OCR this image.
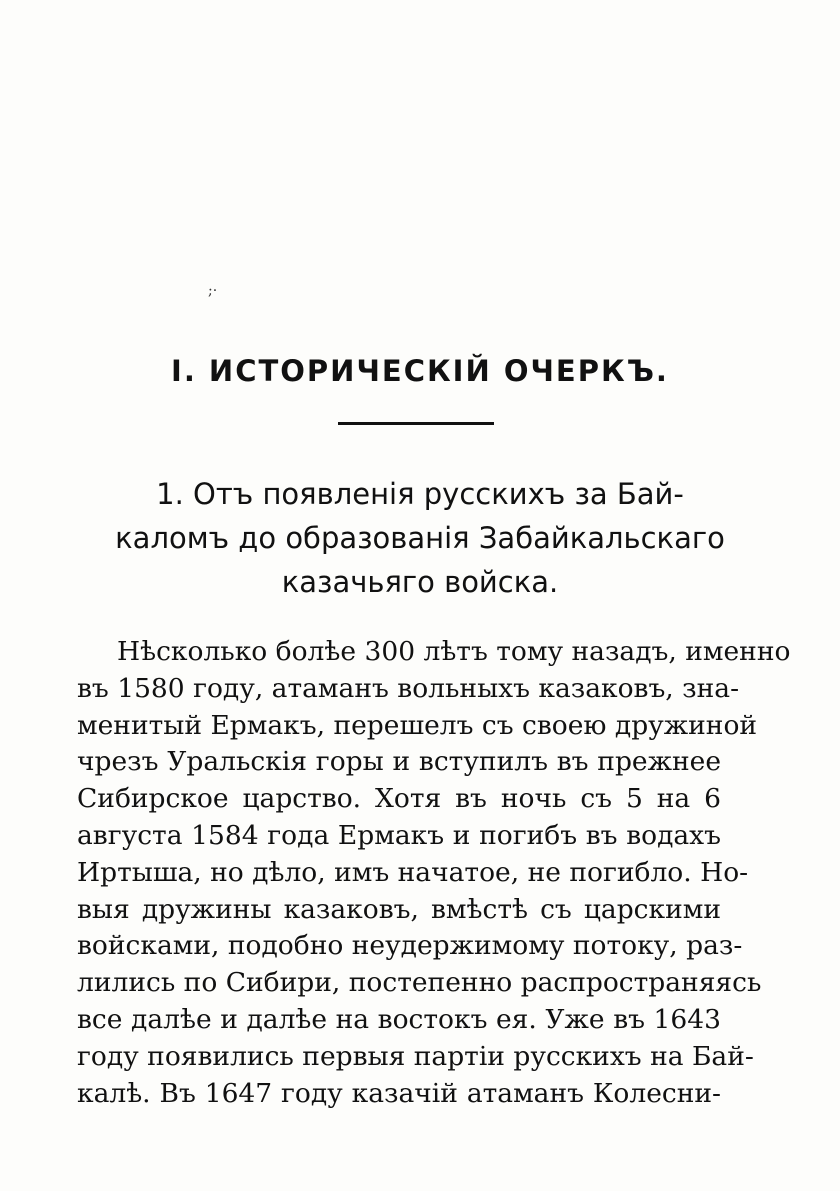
;·
I. ИСТОРИЧЕСКІЙ ОЧЕРКЪ.
1. Отъ появленія русскихъ за Бай-
каломъ до образованія Забайкальскаго
казачьяго войска.
Нѣсколько болѣе 300 лѣтъ тому назадъ, именно
въ 1580 году, атаманъ вольныхъ казаковъ, зна-
менитый Ермакъ, перешелъ съ своею дружиной
чрезъ Уральскія горы и вступилъ въ прежнее
Сибирское царство. Хотя въ ночь съ 5 на 6
августа 1584 года Ермакъ и погибъ въ водахъ
Иртыша, но дѣло, имъ начатое, не погибло. Но-
выя дружины казаковъ, вмѣстѣ съ царскими
войсками, подобно неудержимому потоку, раз-
лились по Сибири, постепенно распространяясь
все далѣе и далѣе на востокъ ея. Уже въ 1643
году появились первыя партіи русскихъ на Бай-
калѣ. Въ 1647 году казачій атаманъ Колесни-
